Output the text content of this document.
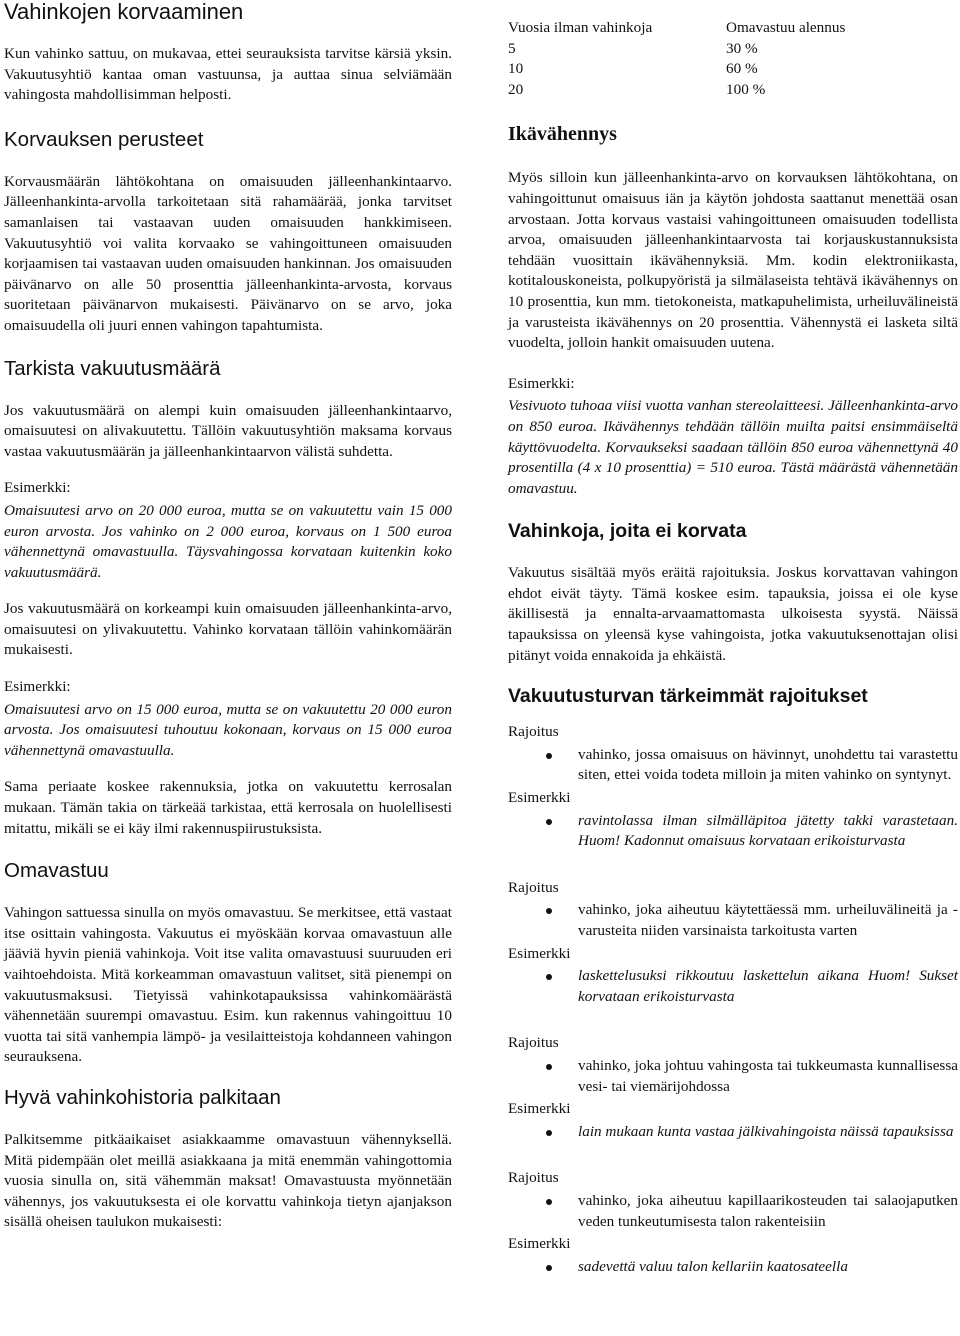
Vahinkojen korvaaminen

Kun vahinko sattuu, on mukavaa, ettei seurauksista tarvitse kärsiä yksin. Vakuutusyhtiö kantaa oman vastuunsa, ja auttaa sinua selviämään vahingosta mahdollisimman helposti.

Korvauksen perusteet

Korvausmäärän lähtökohtana on omaisuuden jälleenhankintaarvo. Jälleenhankinta-arvolla tarkoitetaan sitä rahamäärää, jonka tarvitset samanlaisen tai vastaavan uuden omaisuuden hankkimiseen. Vakuutusyhtiö voi valita korvaako se vahingoittuneen omaisuuden korjaamisen tai vastaavan uuden omaisuuden hankinnan. Jos omaisuuden päivänarvo on alle 50 prosenttia jälleenhankinta-arvosta, korvaus suoritetaan päivänarvon mukaisesti. Päivänarvo on se arvo, joka omaisuudella oli juuri ennen vahingon tapahtumista.

Tarkista vakuutusmäärä

Jos vakuutusmäärä on alempi kuin omaisuuden jälleenhankintaarvo, omaisuutesi on alivakuutettu. Tällöin vakuutusyhtiön maksama korvaus vastaa vakuutusmäärän ja jälleenhankintaarvon välistä suhdetta.

Esimerkki:

Omaisuutesi arvo on 20 000 euroa, mutta se on vakuutettu vain 15 000 euron arvosta. Jos vahinko on 2 000 euroa, korvaus on 1 500 euroa vähennettynä omavastuulla. Täysvahingossa korvataan kuitenkin koko vakuutusmäärä.

Jos vakuutusmäärä on korkeampi kuin omaisuuden jälleenhankinta-arvo, omaisuutesi on ylivakuutettu. Vahinko korvataan tällöin vahinkomäärän mukaisesti.

Esimerkki:

Omaisuutesi arvo on 15 000 euroa, mutta se on vakuutettu 20 000 euron arvosta. Jos omaisuutesi tuhoutuu kokonaan, korvaus on 15 000 euroa vähennettynä omavastuulla.

Sama periaate koskee rakennuksia, jotka on vakuutettu kerrosalan mukaan. Tämän takia on tärkeää tarkistaa, että kerrosala on huolellisesti mitattu, mikäli se ei käy ilmi rakennuspiirustuksista.

Omavastuu

Vahingon sattuessa sinulla on myös omavastuu. Se merkitsee, että vastaat itse osittain vahingosta. Vakuutus ei myöskään korvaa omavastuun alle jääviä hyvin pieniä vahinkoja. Voit itse valita omavastuusi suuruuden eri vaihtoehdoista. Mitä korkeamman omavastuun valitset, sitä pienempi on vakuutusmaksusi. Tietyissä vahinkotapauksissa vahinkomäärästä vähennetään suurempi omavastuu. Esim. kun rakennus vahingoittuu 10 vuotta tai sitä vanhempia lämpö- ja vesilaitteistoja kohdanneen vahingon seurauksena.

Hyvä vahinkohistoria palkitaan

Palkitsemme pitkäaikaiset asiakkaamme omavastuun vähennyksellä. Mitä pidempään olet meillä asiakkaana ja mitä enemmän vahingottomia vuosia sinulla on, sitä vähemmän maksat! Omavastuusta myönnetään vähennys, jos vakuutuksesta ei ole korvattu vahinkoja tietyn ajanjakson sisällä oheisen taulukon mukaisesti:

Vuosia ilman vahinkoja	Omavastuu alennus
5	30 %
10	60 %
20	100 %
Ikävähennys

Myös silloin kun jälleenhankinta-arvo on korvauksen lähtökohtana, on vahingoittunut omaisuus iän ja käytön johdosta saattanut menettää osan arvostaan. Jotta korvaus vastaisi vahingoittuneen omaisuuden todellista arvoa, omaisuuden jälleenhankintaarvosta tai korjauskustannuksista tehdään vuosittain ikävähennyksiä. Mm. kodin elektroniikasta, kotitalouskoneista, polkupyöristä ja silmälaseista tehtävä ikävähennys on 10 prosenttia, kun mm. tietokoneista, matkapuhelimista, urheiluvälineistä ja varusteista ikävähennys on 20 prosenttia. Vähennystä ei lasketa siltä vuodelta, jolloin hankit omaisuuden uutena.

Esimerkki:

Vesivuoto tuhoaa viisi vuotta vanhan stereolaitteesi. Jälleenhankinta-arvo on 850 euroa. Ikävähennys tehdään tällöin muilta paitsi ensimmäiseltä käyttövuodelta. Korvaukseksi saadaan tällöin 850 euroa vähennettynä 40 prosentilla (4 x 10 prosenttia) = 510 euroa. Tästä määrästä vähennetään omavastuu.

Vahinkoja, joita ei korvata

Vakuutus sisältää myös eräitä rajoituksia. Joskus korvattavan vahingon ehdot eivät täyty. Tämä koskee esim. tapauksia, joissa ei ole kyse äkillisestä ja ennalta-arvaamattomasta ulkoisesta syystä. Näissä tapauksissa on yleensä kyse vahingoista, jotka vakuutuksenottajan olisi pitänyt voida ennakoida ja ehkäistä.

Vakuutusturvan tärkeimmät rajoitukset
Rajoitus
vahinko, jossa omaisuus on hävinnyt, unohdettu tai varastettu siten, ettei voida todeta milloin ja miten vahinko on syntynyt.
Esimerkki
ravintolassa ilman silmälläpitoa jätetty takki varastetaan. Huom! Kadonnut omaisuus korvataan erikoisturvasta
Rajoitus
vahinko, joka aiheutuu käytettäessä mm. urheiluvälineitä ja -varusteita niiden varsinaista tarkoitusta varten
Esimerkki
laskettelusuksi rikkoutuu laskettelun aikana Huom! Sukset korvataan erikoisturvasta
Rajoitus
vahinko, joka johtuu vahingosta tai tukkeumasta kunnallisessa vesi- tai viemärijohdossa
Esimerkki
lain mukaan kunta vastaa jälkivahingoista näissä tapauksissa
Rajoitus
vahinko, joka aiheutuu kapillaarikosteuden tai salaojaputken veden tunkeutumisesta talon rakenteisiin
Esimerkki
sadevettä valuu talon kellariin kaatosateella
